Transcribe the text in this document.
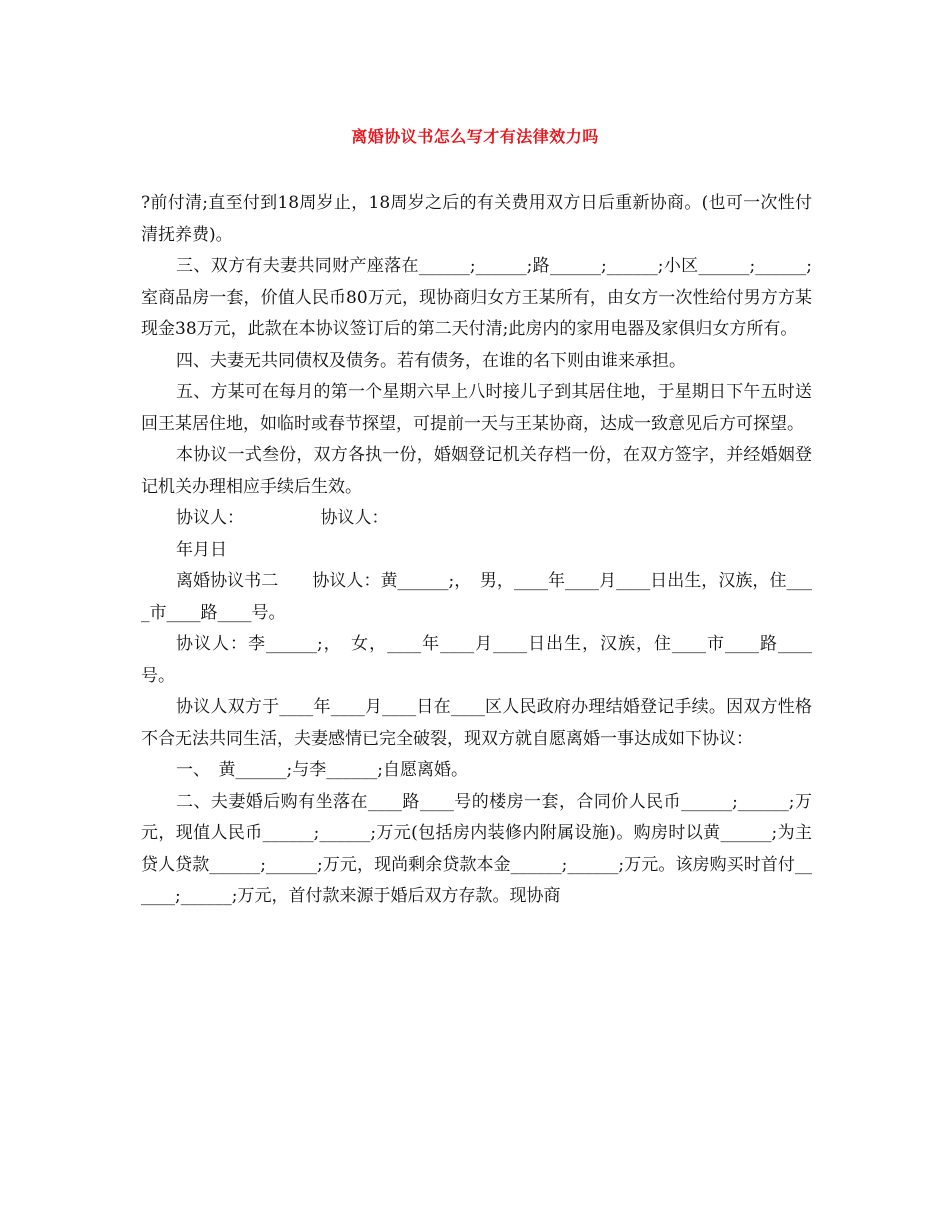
离婚协议书怎么写才有法律效力吗

?前付清;直至付到18周岁止，18周岁之后的有关费用双方日后重新协商。(也可一次性付清抚养费)。

三、双方有夫妻共同财产座落在______;______;路______;______;小区______;______;室商品房一套，价值人民币80万元，现协商归女方王某所有，由女方一次性给付男方方某现金38万元，此款在本协议签订后的第二天付清;此房内的家用电器及家俱归女方所有。

四、夫妻无共同债权及债务。若有债务，在谁的名下则由谁来承担。

五、方某可在每月的第一个星期六早上八时接儿子到其居住地，于星期日下午五时送回王某居住地，如临时或春节探望，可提前一天与王某协商，达成一致意见后方可探望。

本协议一式叁份，双方各执一份，婚姻登记机关存档一份，在双方签字，并经婚姻登记机关办理相应手续后生效。

协议人：　　　　　协议人：

年月日

离婚协议书二　　协议人：黄______;，　男，____年____月____日出生，汉族，住____市____路____号。

协议人：李______;，　女，____年____月____日出生，汉族，住____市____路____号。

协议人双方于____年____月____日在____区人民政府办理结婚登记手续。因双方性格不合无法共同生活，夫妻感情已完全破裂，现双方就自愿离婚一事达成如下协议：

一、　黄______;与李______;自愿离婚。

二、夫妻婚后购有坐落在____路____号的楼房一套，合同价人民币______;______;万元，现值人民币______;______;万元(包括房内装修内附属设施)。购房时以黄______;为主贷人贷款______;______;万元，现尚剩余贷款本金______;______;万元。该房购买时首付______;______;万元，首付款来源于婚后双方存款。现协商
